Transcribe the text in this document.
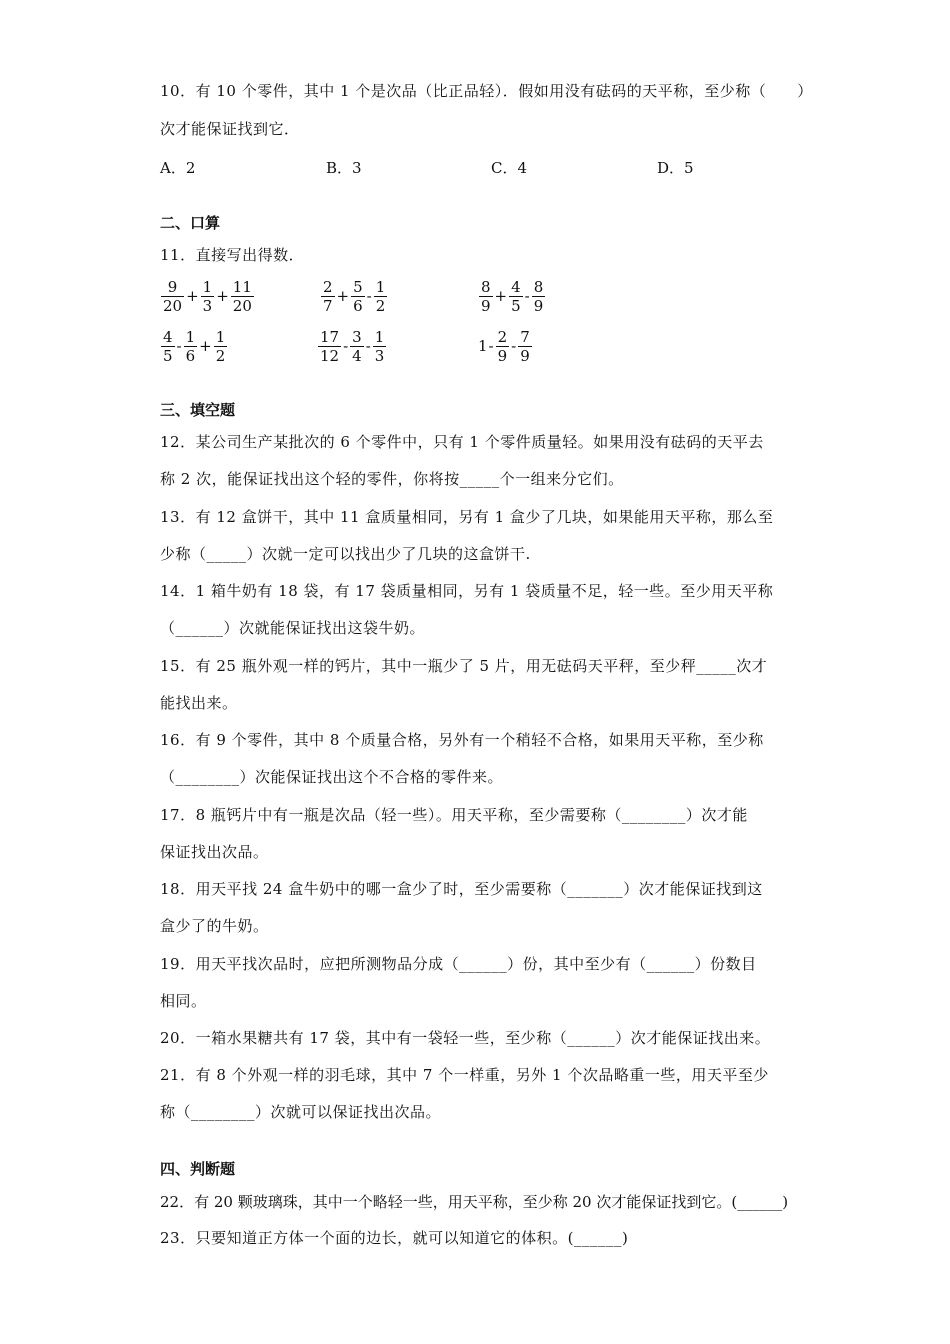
10．有 10 个零件，其中 1 个是次品（比正品轻）．假如用没有砝码的天平称，至少称（　　）
次才能保证找到它．
A．2	B．3	C．4	D．5
二、口算
11．直接写出得数．
$\frac{9}{20} + \frac{1}{3} + \frac{11}{20}$	$\frac{2}{7} + \frac{5}{6} - \frac{1}{2}$	$\frac{8}{9} + \frac{4}{5} - \frac{8}{9}$
$\frac{4}{5} - \frac{1}{6} + \frac{1}{2}$	$\frac{17}{12} - \frac{3}{4} - \frac{1}{3}$	$1 - \frac{2}{9} - \frac{7}{9}$
三、填空题
12．某公司生产某批次的 6 个零件中，只有 1 个零件质量轻。如果用没有砝码的天平去
称 2 次，能保证找出这个轻的零件，你将按_____个一组来分它们。
13．有 12 盒饼干，其中 11 盒质量相同，另有 1 盒少了几块，如果能用天平称，那么至
少称（_____）次就一定可以找出少了几块的这盒饼干.
14．1 箱牛奶有 18 袋，有 17 袋质量相同，另有 1 袋质量不足，轻一些。至少用天平称
（______）次就能保证找出这袋牛奶。
15．有 25 瓶外观一样的钙片，其中一瓶少了 5 片，用无砝码天平秤，至少秤_____次才
能找出来。
16．有 9 个零件，其中 8 个质量合格，另外有一个稍轻不合格，如果用天平称，至少称
（________）次能保证找出这个不合格的零件来。
17．8 瓶钙片中有一瓶是次品（轻一些）。用天平称，至少需要称（________）次才能
保证找出次品。
18．用天平找 24 盒牛奶中的哪一盒少了时，至少需要称（_______）次才能保证找到这
盒少了的牛奶。
19．用天平找次品时，应把所测物品分成（______）份，其中至少有（______）份数目
相同。
20．一箱水果糖共有 17 袋，其中有一袋轻一些，至少称（______）次才能保证找出来。
21．有 8 个外观一样的羽毛球，其中 7 个一样重，另外 1 个次品略重一些，用天平至少
称（________）次就可以保证找出次品。
四、判断题
22．有 20 颗玻璃珠，其中一个略轻一些，用天平称，至少称 20 次才能保证找到它。(______)
23．只要知道正方体一个面的边长，就可以知道它的体积。(______)
